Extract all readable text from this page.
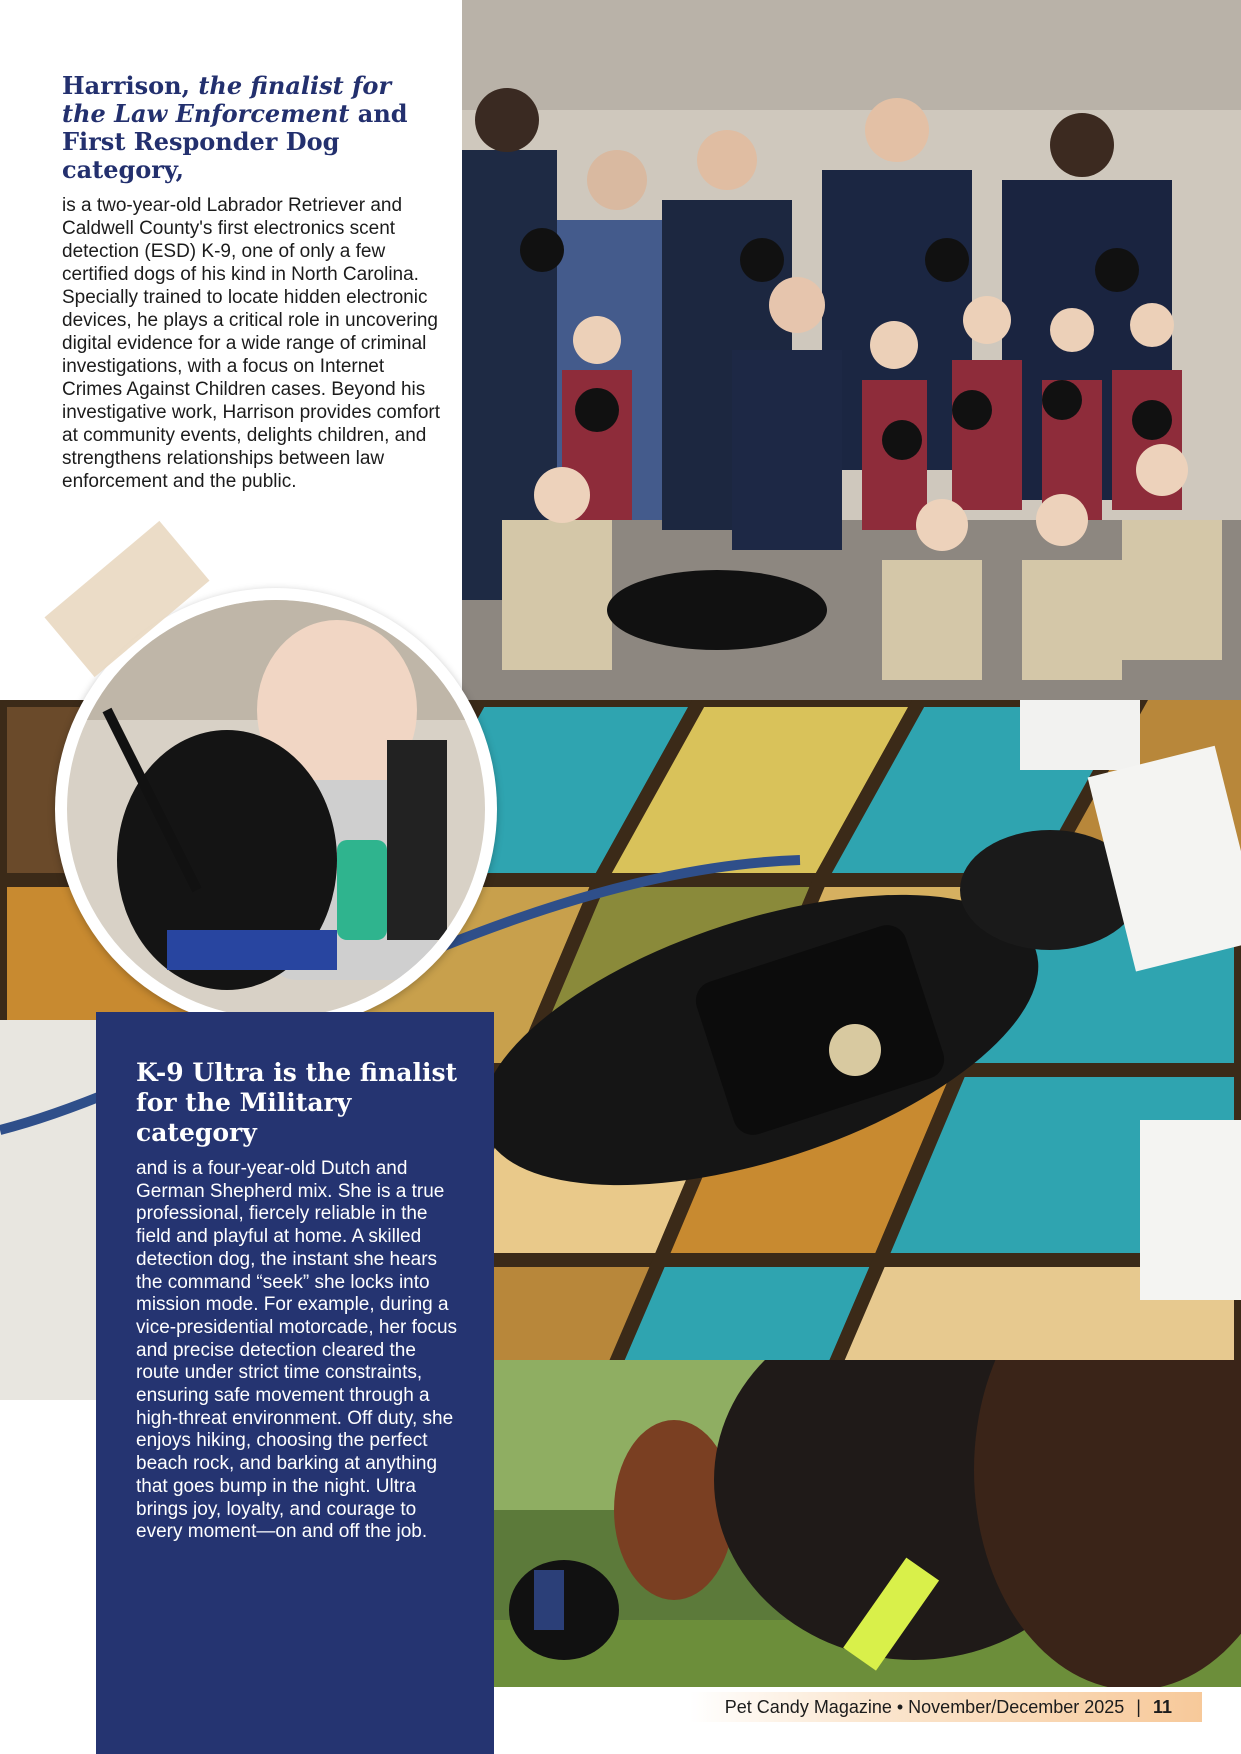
Harrison, the finalist for the Law Enforcement and First Responder Dog category,

is a two-year-old Labrador Retriever and Caldwell County's first electronics scent detection (ESD) K-9, one of only a few certified dogs of his kind in North Carolina. Specially trained to locate hidden electronic devices, he plays a critical role in uncovering digital evidence for a wide range of criminal investigations, with a focus on Internet Crimes Against Children cases. Beyond his investigative work, Harrison provides comfort at community events, delights children, and strengthens relationships between law enforcement and the public.

K-9 Ultra is the finalist for the Military category

and is a four-year-old Dutch and German Shepherd mix. She is a true professional, fiercely reliable in the field and playful at home. A skilled detection dog, the instant she hears the command “seek” she locks into mission mode. For example, during a vice-presidential motorcade, her focus and precise detection cleared the route under strict time constraints, ensuring safe movement through a high-threat environment. Off duty, she enjoys hiking, choosing the perfect beach rock, and barking at anything that goes bump in the night. Ultra brings joy, loyalty, and courage to every moment—on and off the job.

Pet Candy Magazine • November/December 2025 | 11
